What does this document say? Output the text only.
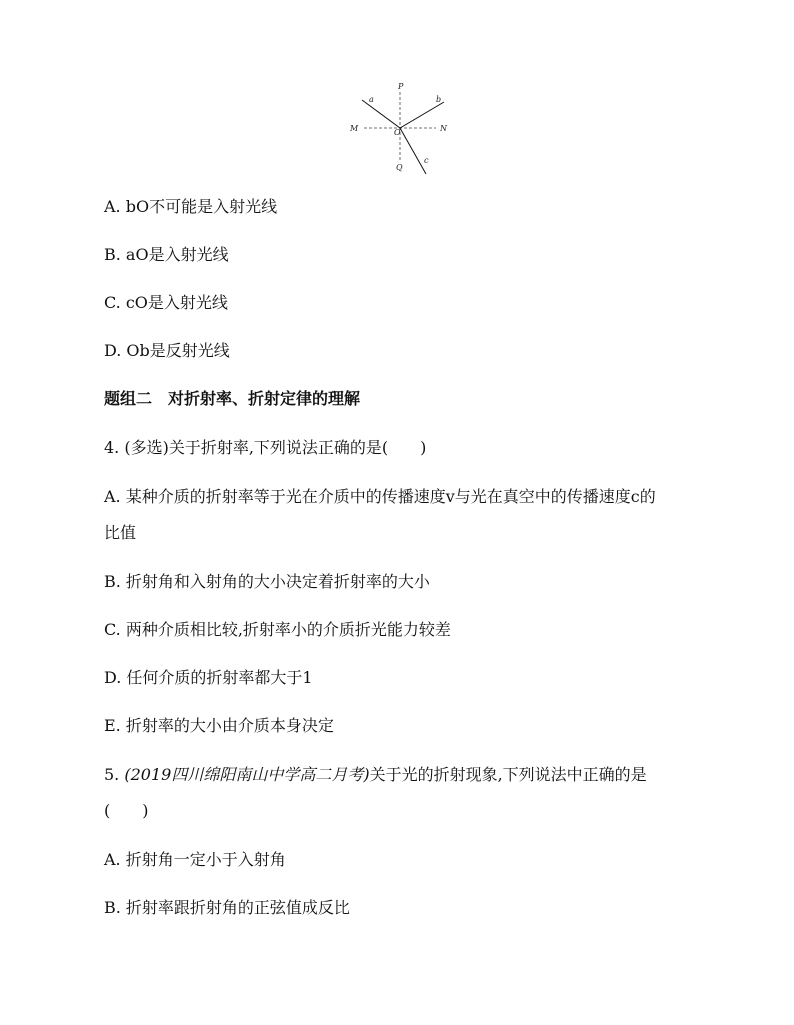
P
a	b
M	O	N
c
Q
A. bO不可能是入射光线
B. aO是入射光线
C. cO是入射光线
D. Ob是反射光线
题组二　对折射率、折射定律的理解
4. (多选)关于折射率,下列说法正确的是(　　)
A. 某种介质的折射率等于光在介质中的传播速度v与光在真空中的传播速度c的
比值
B. 折射角和入射角的大小决定着折射率的大小
C. 两种介质相比较,折射率小的介质折光能力较差
D. 任何介质的折射率都大于1
E. 折射率的大小由介质本身决定
5. (2019四川绵阳南山中学高二月考)关于光的折射现象,下列说法中正确的是
(　　)
A. 折射角一定小于入射角
B. 折射率跟折射角的正弦值成反比
